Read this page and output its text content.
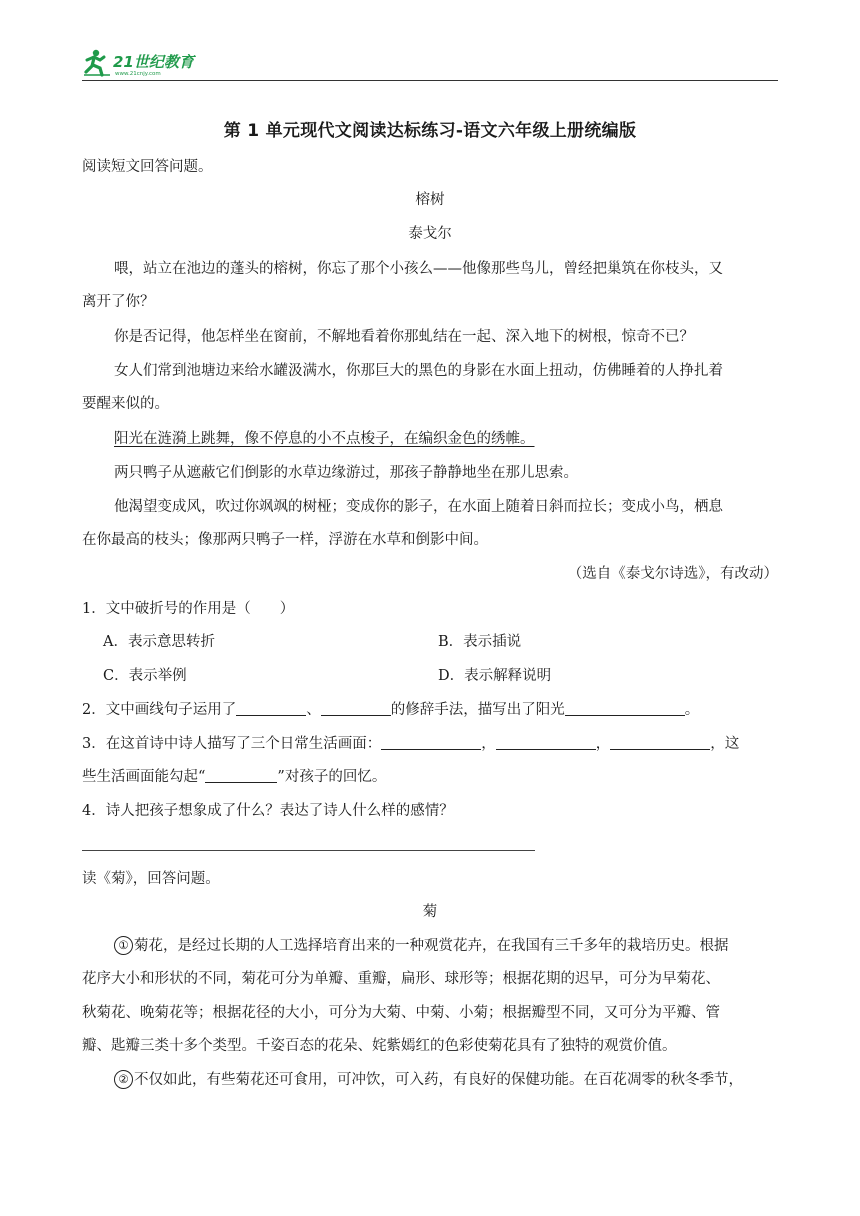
21世纪教育
www.21cnjy.com
第 1 单元现代文阅读达标练习-语文六年级上册统编版
阅读短文回答问题。
榕树
泰戈尔
喂，站立在池边的蓬头的榕树，你忘了那个小孩么——他像那些鸟儿，曾经把巢筑在你枝头，又
离开了你？
你是否记得，他怎样坐在窗前，不解地看着你那虬结在一起、深入地下的树根，惊奇不已？
女人们常到池塘边来给水罐汲满水，你那巨大的黑色的身影在水面上扭动，仿佛睡着的人挣扎着
要醒来似的。
阳光在涟漪上跳舞，像不停息的小不点梭子，在编织金色的绣帷。
两只鸭子从遮蔽它们倒影的水草边缘游过，那孩子静静地坐在那儿思索。
他渴望变成风，吹过你飒飒的树桠；变成你的影子，在水面上随着日斜而拉长；变成小鸟，栖息
在你最高的枝头；像那两只鸭子一样，浮游在水草和倒影中间。
（选自《泰戈尔诗选》，有改动）
1．文中破折号的作用是（　　）
A．表示意思转折	B．表示插说
C．表示举例	D．表示解释说明
2．文中画线句子运用了	、	的修辞手法，描写出了阳光	。
3．在这首诗中诗人描写了三个日常生活画面：	，	，	，这
些生活画面能勾起“	”对孩子的回忆。
4．诗人把孩子想象成了什么？表达了诗人什么样的感情？
读《菊》，回答问题。
菊
① 菊花，是经过长期的人工选择培育出来的一种观赏花卉，在我国有三千多年的栽培历史。根据
花序大小和形状的不同，菊花可分为单瓣、重瓣，扁形、球形等；根据花期的迟早，可分为早菊花、
秋菊花、晚菊花等；根据花径的大小，可分为大菊、中菊、小菊；根据瓣型不同，又可分为平瓣、管
瓣、匙瓣三类十多个类型。千姿百态的花朵、姹紫嫣红的色彩使菊花具有了独特的观赏价值。
② 不仅如此，有些菊花还可食用，可冲饮，可入药，有良好的保健功能。在百花凋零的秋冬季节，
